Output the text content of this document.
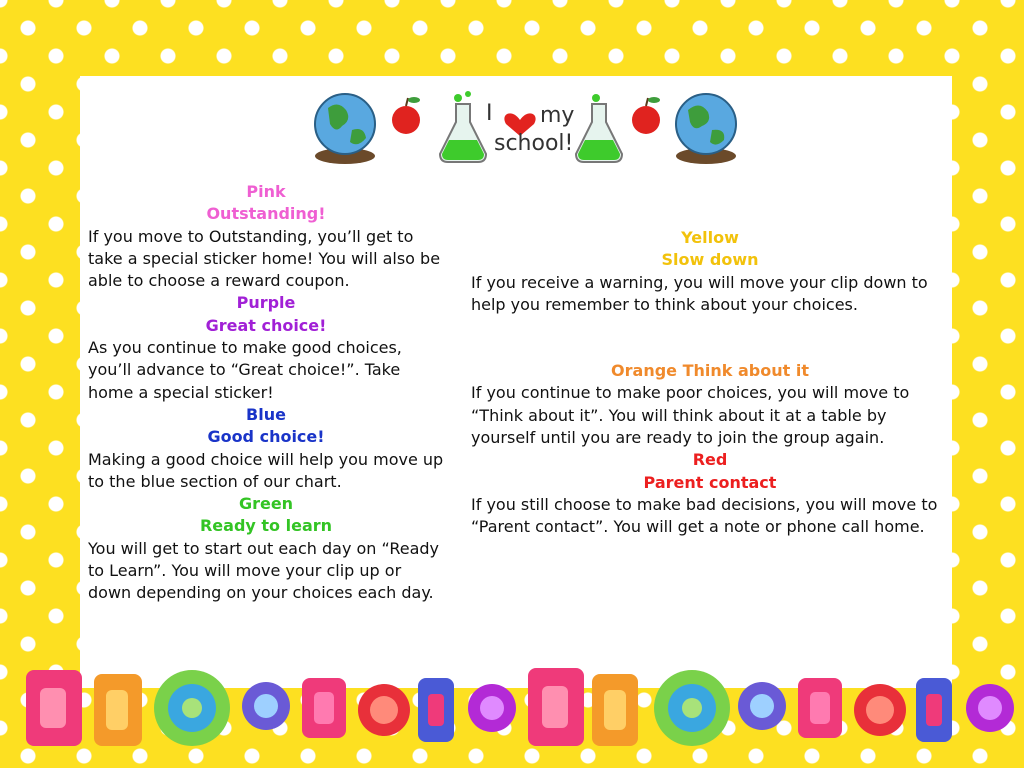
I my
school!
Pink
Outstanding!
If you move to Outstanding, you’ll get to take a special sticker home! You will also be able to choose a reward coupon.
Purple
Great choice!
As you continue to make good choices, you’ll advance to “Great choice!”. Take home a special sticker!
Blue
Good choice!
Making a good choice will help you move up to the blue section of our chart.
Green
Ready to learn
You will get to start out each day on “Ready to Learn”. You will move your clip up or down depending on your choices each day.
Yellow
Slow down
If you receive a warning, you will move your clip down to help you remember to think about your choices.
Orange Think about it
If you continue to make poor choices, you will move to “Think about it”. You will think about it at a table by yourself until you are ready to join the group again.
Red
Parent contact
If you still choose to make bad decisions, you will move to “Parent contact”. You will get a note or phone call home.
